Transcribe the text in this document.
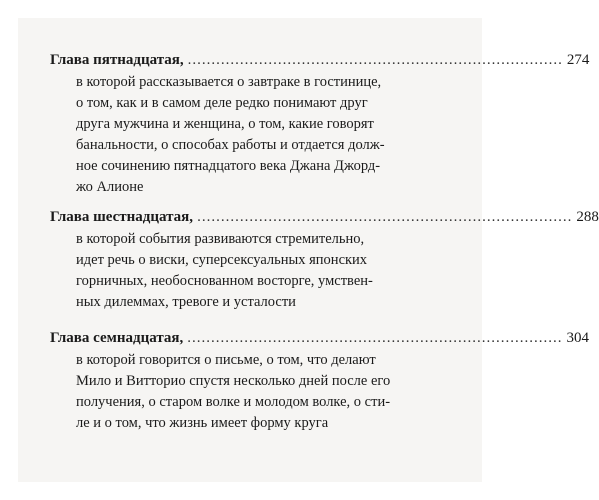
Глава пятнадцатая, ............................................................................... 274
в которой рассказывается о завтраке в гостинице,
о том, как и в самом деле редко понимают друг
друга мужчина и женщина, о том, какие говорят
банальности, о способах работы и отдается долж-
ное сочинению пятнадцатого века Джана Джорд-
жо Алионе
Глава шестнадцатая, ............................................................................... 288
в которой события развиваются стремительно,
идет речь о виски, суперсексуальных японских
горничных, необоснованном восторге, умствен-
ных дилеммах, тревоге и усталости
Глава семнадцатая, ............................................................................... 304
в которой говорится о письме, о том, что делают
Мило и Витторио спустя несколько дней после его
получения, о старом волке и молодом волке, о сти-
ле и о том, что жизнь имеет форму круга
